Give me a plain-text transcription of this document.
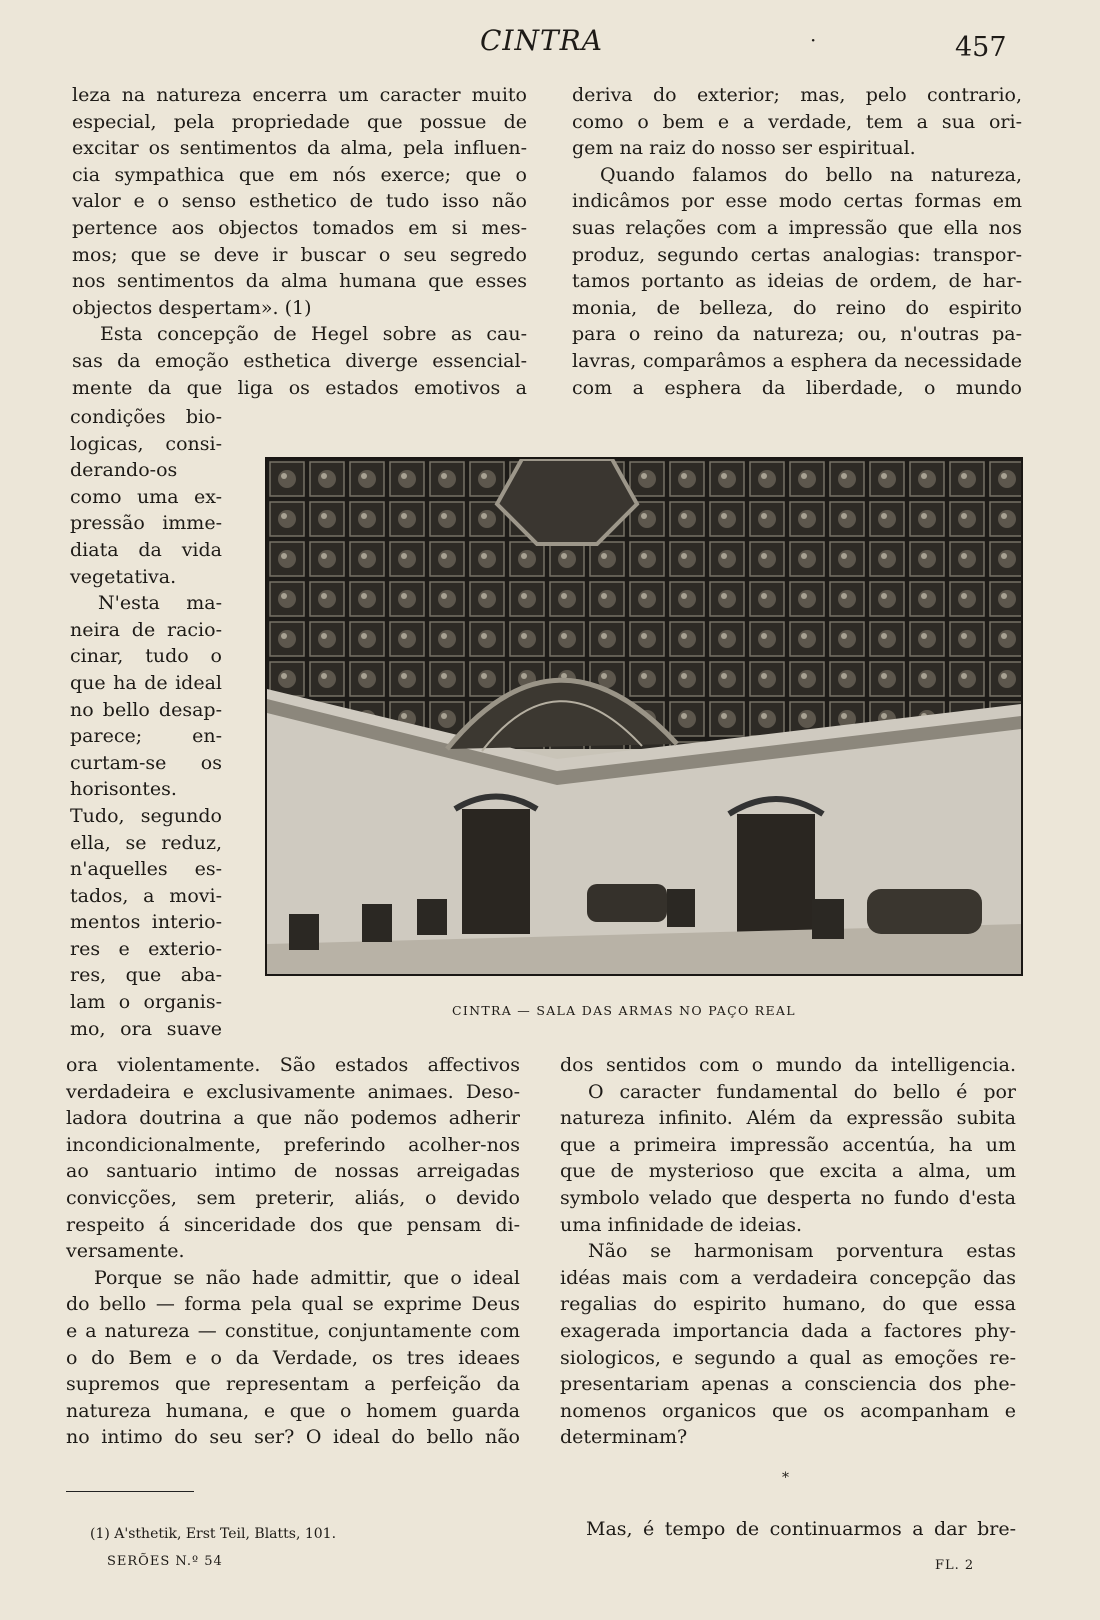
CINTRA	·	457

leza na natureza encerra um caracter muito

especial, pela propriedade que possue de

excitar os sentimentos da alma, pela influen-

cia sympathica que em nós exerce; que o

valor e o senso esthetico de tudo isso não

pertence aos objectos tomados em si mes-

mos; que se deve ir buscar o seu segredo

nos sentimentos da alma humana que esses

objectos despertam». (1)

Esta concepção de Hegel sobre as cau-

sas da emoção esthetica diverge essencial-

mente da que liga os estados emotivos a

deriva do exterior; mas, pelo contrario,

como o bem e a verdade, tem a sua ori-

gem na raiz do nosso ser espiritual.

Quando falamos do bello na natureza,

indicâmos por esse modo certas formas em

suas relações com a impressão que ella nos

produz, segundo certas analogias: transpor-

tamos portanto as ideias de ordem, de har-

monia, de belleza, do reino do espirito

para o reino da natureza; ou, n'outras pa-

lavras, comparâmos a esphera da necessidade

com a esphera da liberdade, o mundo

condições bio-

logicas, consi-

derando-os

como uma ex-

pressão imme-

diata da vida

vegetativa.

N'esta ma-

neira de racio-

cinar, tudo o

que ha de ideal

no bello desap-

parece; en-

curtam-se os

horisontes.

Tudo, segundo

ella, se reduz,

n'aquelles es-

tados, a movi-

mentos interio-

res e exterio-

res, que aba-

lam o organis-

mo, ora suave

CINTRA — SALA DAS ARMAS NO PAÇO REAL

ora violentamente. São estados affectivos

verdadeira e exclusivamente animaes. Deso-

ladora doutrina a que não podemos adherir

incondicionalmente, preferindo acolher-nos

ao santuario intimo de nossas arreigadas

convicções, sem preterir, aliás, o devido

respeito á sinceridade dos que pensam di-

versamente.

Porque se não hade admittir, que o ideal

do bello — forma pela qual se exprime Deus

e a natureza — constitue, conjuntamente com

o do Bem e o da Verdade, os tres ideaes

supremos que representam a perfeição da

natureza humana, e que o homem guarda

no intimo do seu ser? O ideal do bello não

dos sentidos com o mundo da intelligencia.

O caracter fundamental do bello é por

natureza infinito. Além da expressão subita

que a primeira impressão accentúa, ha um

que de mysterioso que excita a alma, um

symbolo velado que desperta no fundo d'esta

uma infinidade de ideias.

Não se harmonisam porventura estas

idéas mais com a verdadeira concepção das

regalias do espirito humano, do que essa

exagerada importancia dada a factores phy-

siologicos, e segundo a qual as emoções re-

presentariam apenas a consciencia dos phe-

nomenos organicos que os acompanham e

determinam?

*
Mas, é tempo de continuarmos a dar bre-
(1) A'sthetik, Erst Teil, Blatts, 101.
SERÕES N.º 54	FL. 2
